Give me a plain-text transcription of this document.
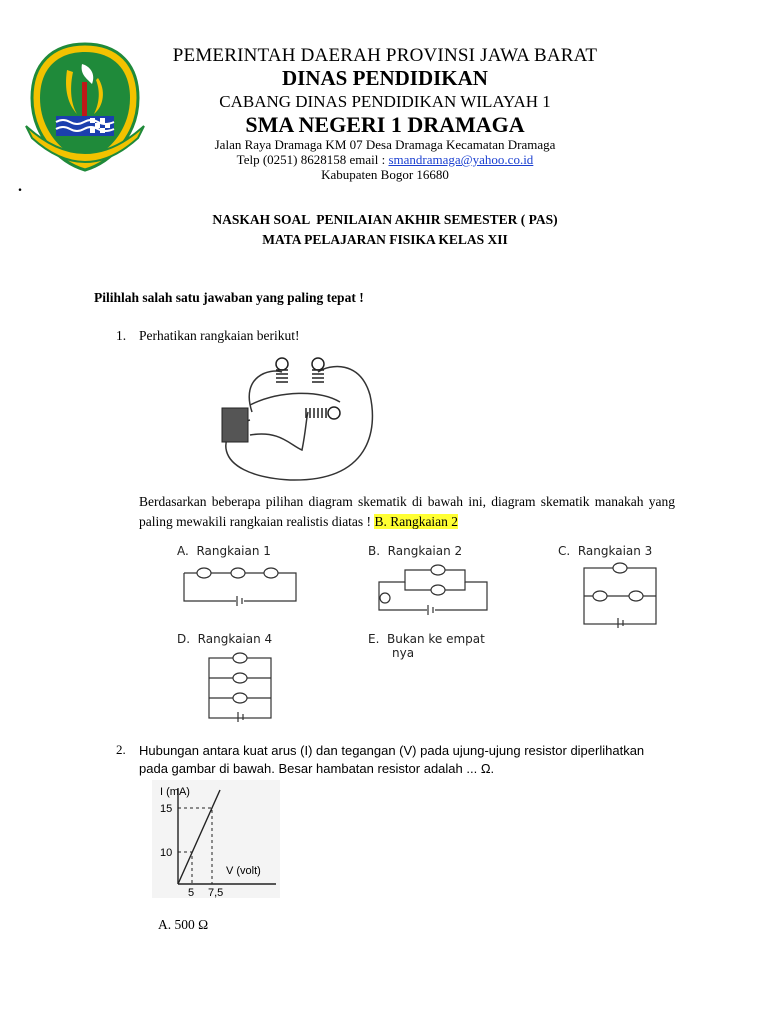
PEMERINTAH DAERAH PROVINSI JAWA BARAT
DINAS PENDIDIKAN
CABANG DINAS PENDIDIKAN WILAYAH 1
SMA NEGERI 1 DRAMAGA
Jalan Raya Dramaga KM 07 Desa Dramaga Kecamatan Dramaga
Telp (0251) 8628158 email : smandramaga@yahoo.co.id
Kabupaten Bogor 16680
.
NASKAH SOAL  PENILAIAN AKHIR SEMESTER ( PAS)
MATA PELAJARAN FISIKA KELAS XII
Pilihlah salah satu jawaban yang paling tepat !
1. Perhatikan rangkaian berikut!
Berdasarkan beberapa pilihan diagram skematik di bawah ini, diagram skematik manakah yang paling mewakili rangkaian realistis diatas ! B. Rangkaian 2
A.  Rangkaian 1	B.  Rangkaian 2	C.  Rangkaian 3
D.  Rangkaian 4	E.  Bukan ke empat
nya
2. Hubungan antara kuat arus (I) dan tegangan (V) pada ujung-ujung resistor diperlihatkan pada gambar di bawah. Besar hambatan resistor adalah ... Ω.
I (mA)
V (volt)
15
10
5 7,5
A. 500 Ω
